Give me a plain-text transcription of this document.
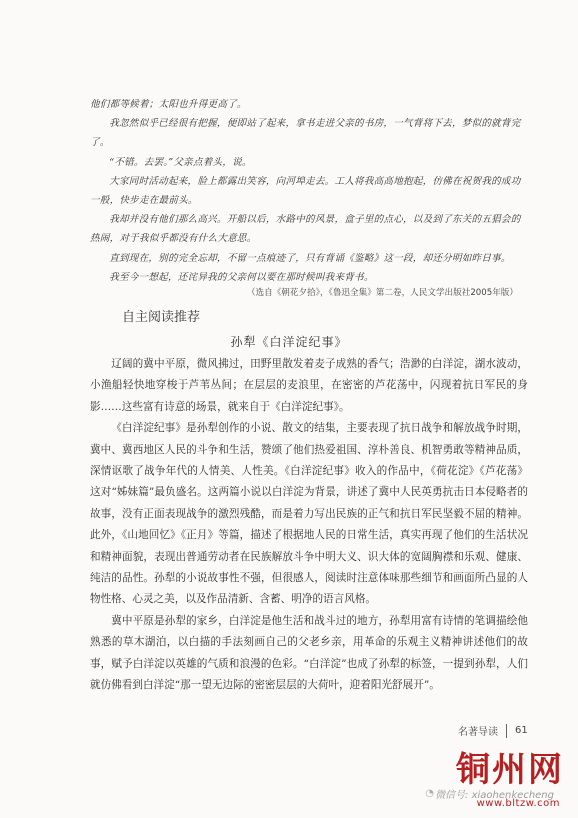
他们都等候着；太阳也升得更高了。

我忽然似乎已经很有把握，便即站了起来，拿书走进父亲的书房，一气背将下去，梦似的就背完了。

“不错。去罢。”父亲点着头，说。

大家同时活动起来，脸上都露出笑容，向河埠走去。工人将我高高地抱起，仿佛在祝贺我的成功一般，快步走在最前头。

我却并没有他们那么高兴。开船以后，水路中的风景，盒子里的点心，以及到了东关的五猖会的热闹，对于我似乎都没有什么大意思。

直到现在，别的完全忘却，不留一点痕迹了，只有背诵《鉴略》这一段，却还分明如昨日事。

我至今一想起，还诧异我的父亲何以要在那时候叫我来背书。

（选自《朝花夕拾》，《鲁迅全集》第二卷，人民文学出版社2005年版）
自主阅读推荐
孙犁《白洋淀纪事》

辽阔的冀中平原，微风拂过，田野里散发着麦子成熟的香气；浩渺的白洋淀，湖水波动，小渔船轻快地穿梭于芦苇丛间；在层层的麦浪里，在密密的芦花荡中，闪现着抗日军民的身影……这些富有诗意的场景，就来自于《白洋淀纪事》。

《白洋淀纪事》是孙犁创作的小说、散文的结集，主要表现了抗日战争和解放战争时期，冀中、冀西地区人民的斗争和生活，赞颂了他们热爱祖国、淳朴善良、机智勇敢等精神品质，深情讴歌了战争年代的人情美、人性美。《白洋淀纪事》收入的作品中，《荷花淀》《芦花荡》这对“姊妹篇”最负盛名。这两篇小说以白洋淀为背景，讲述了冀中人民英勇抗击日本侵略者的故事，没有正面表现战争的激烈残酷，而是着力写出民族的正气和抗日军民坚毅不屈的精神。此外，《山地回忆》《正月》等篇，描述了根据地人民的日常生活，真实再现了他们的生活状况和精神面貌，表现出普通劳动者在民族解放斗争中明大义、识大体的宽阔胸襟和乐观、健康、纯洁的品性。孙犁的小说故事性不强，但很感人，阅读时注意体味那些细节和画面所凸显的人物性格、心灵之美，以及作品清新、含蓄、明净的语言风格。

冀中平原是孙犁的家乡，白洋淀是他生活和战斗过的地方，孙犁用富有诗情的笔调描绘他熟悉的草木湖泊，以白描的手法刻画自己的父老乡亲，用革命的乐观主义精神讲述他们的故事，赋予白洋淀以英雄的气质和浪漫的色彩。“白洋淀”也成了孙犁的标签，一提到孙犁，人们就仿佛看到白洋淀“那一望无边际的密密层层的大荷叶，迎着阳光舒展开”。

名著导读 61
铜州网
◔ 微信号: xiaohenkecheng
www.bltzw.com
